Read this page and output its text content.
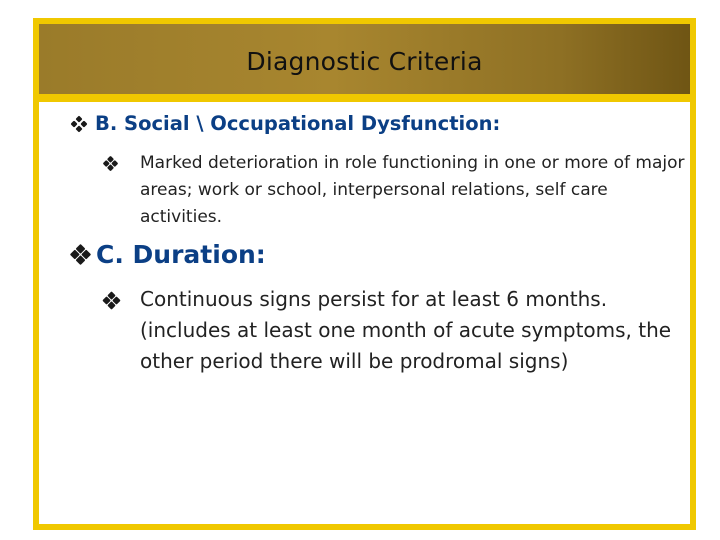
Diagnostic Criteria
B. Social \ Occupational Dysfunction:
Marked deterioration in role functioning in one or more of major areas; work or school, interpersonal relations, self care activities.
C. Duration:
Continuous signs persist for at least 6 months. (includes at least one month of acute symptoms, the other period there will be prodromal signs)
